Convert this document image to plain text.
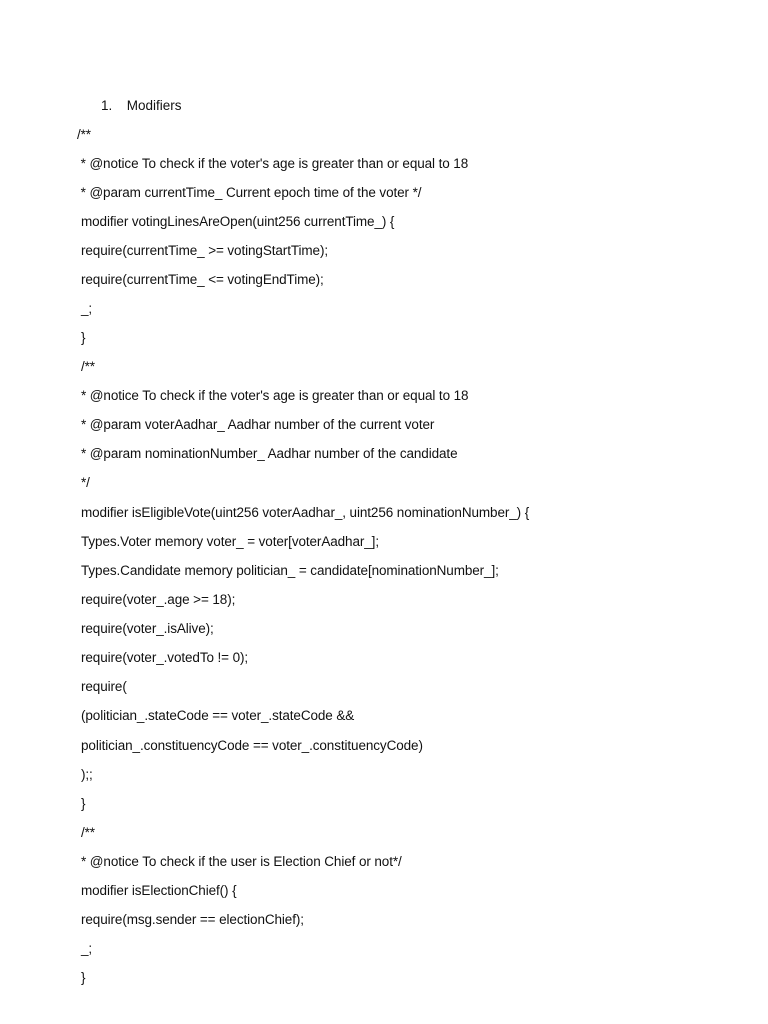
1. Modifiers
/**
* @notice To check if the voter's age is greater than or equal to 18
* @param currentTime_ Current epoch time of the voter */
modifier votingLinesAreOpen(uint256 currentTime_) {
require(currentTime_ >= votingStartTime);
require(currentTime_ <= votingEndTime);
_;
}
/**
* @notice To check if the voter's age is greater than or equal to 18
* @param voterAadhar_ Aadhar number of the current voter
* @param nominationNumber_ Aadhar number of the candidate
*/
modifier isEligibleVote(uint256 voterAadhar_, uint256 nominationNumber_) {
Types.Voter memory voter_ = voter[voterAadhar_];
Types.Candidate memory politician_ = candidate[nominationNumber_];
require(voter_.age >= 18);
require(voter_.isAlive);
require(voter_.votedTo != 0);
require(
(politician_.stateCode == voter_.stateCode &&
politician_.constituencyCode == voter_.constituencyCode)
);;
}
/**
* @notice To check if the user is Election Chief or not*/
modifier isElectionChief() {
require(msg.sender == electionChief);
_;
}
